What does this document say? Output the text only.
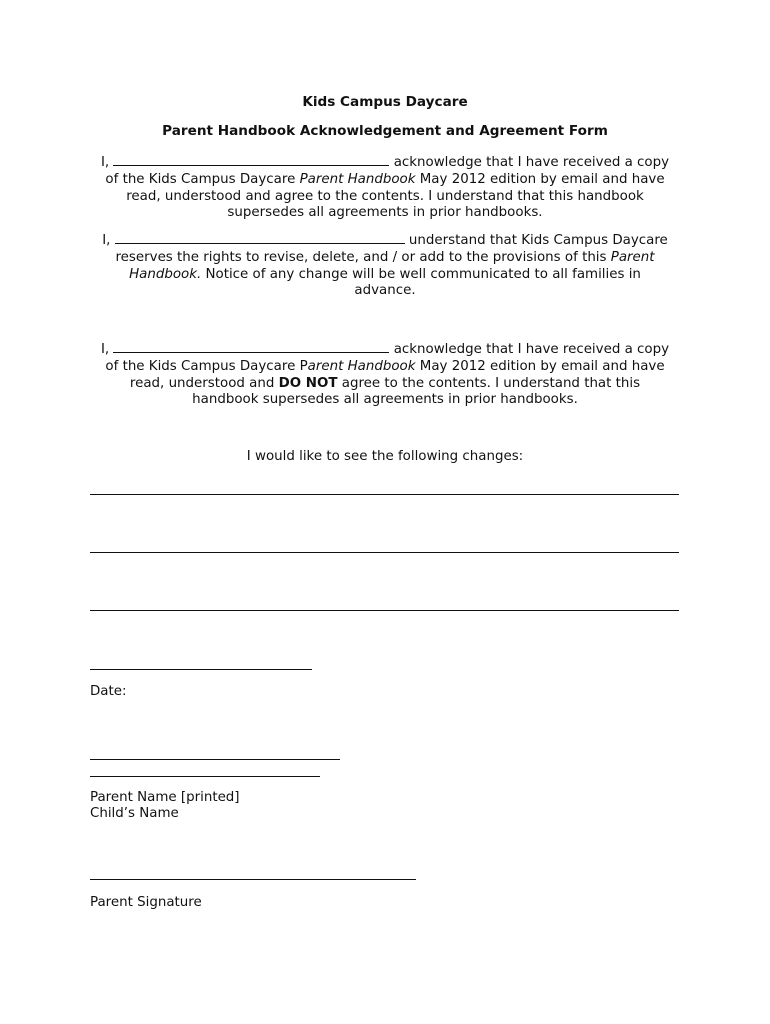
Kids Campus Daycare
Parent Handbook Acknowledgement and Agreement Form
I,	acknowledge that I have received a copy
of the Kids Campus Daycare Parent Handbook May 2012 edition by email and have
read, understood and agree to the contents. I understand that this handbook
supersedes all agreements in prior handbooks.
I,	understand that Kids Campus Daycare
reserves the rights to revise, delete, and / or add to the provisions of this Parent
Handbook. Notice of any change will be well communicated to all families in
advance.
I,	acknowledge that I have received a copy
of the Kids Campus Daycare Parent Handbook May 2012 edition by email and have
read, understood and DO NOT agree to the contents. I understand that this
handbook supersedes all agreements in prior handbooks.
I would like to see the following changes:
Date:
Parent Name [printed]
Child’s Name
Parent Signature
